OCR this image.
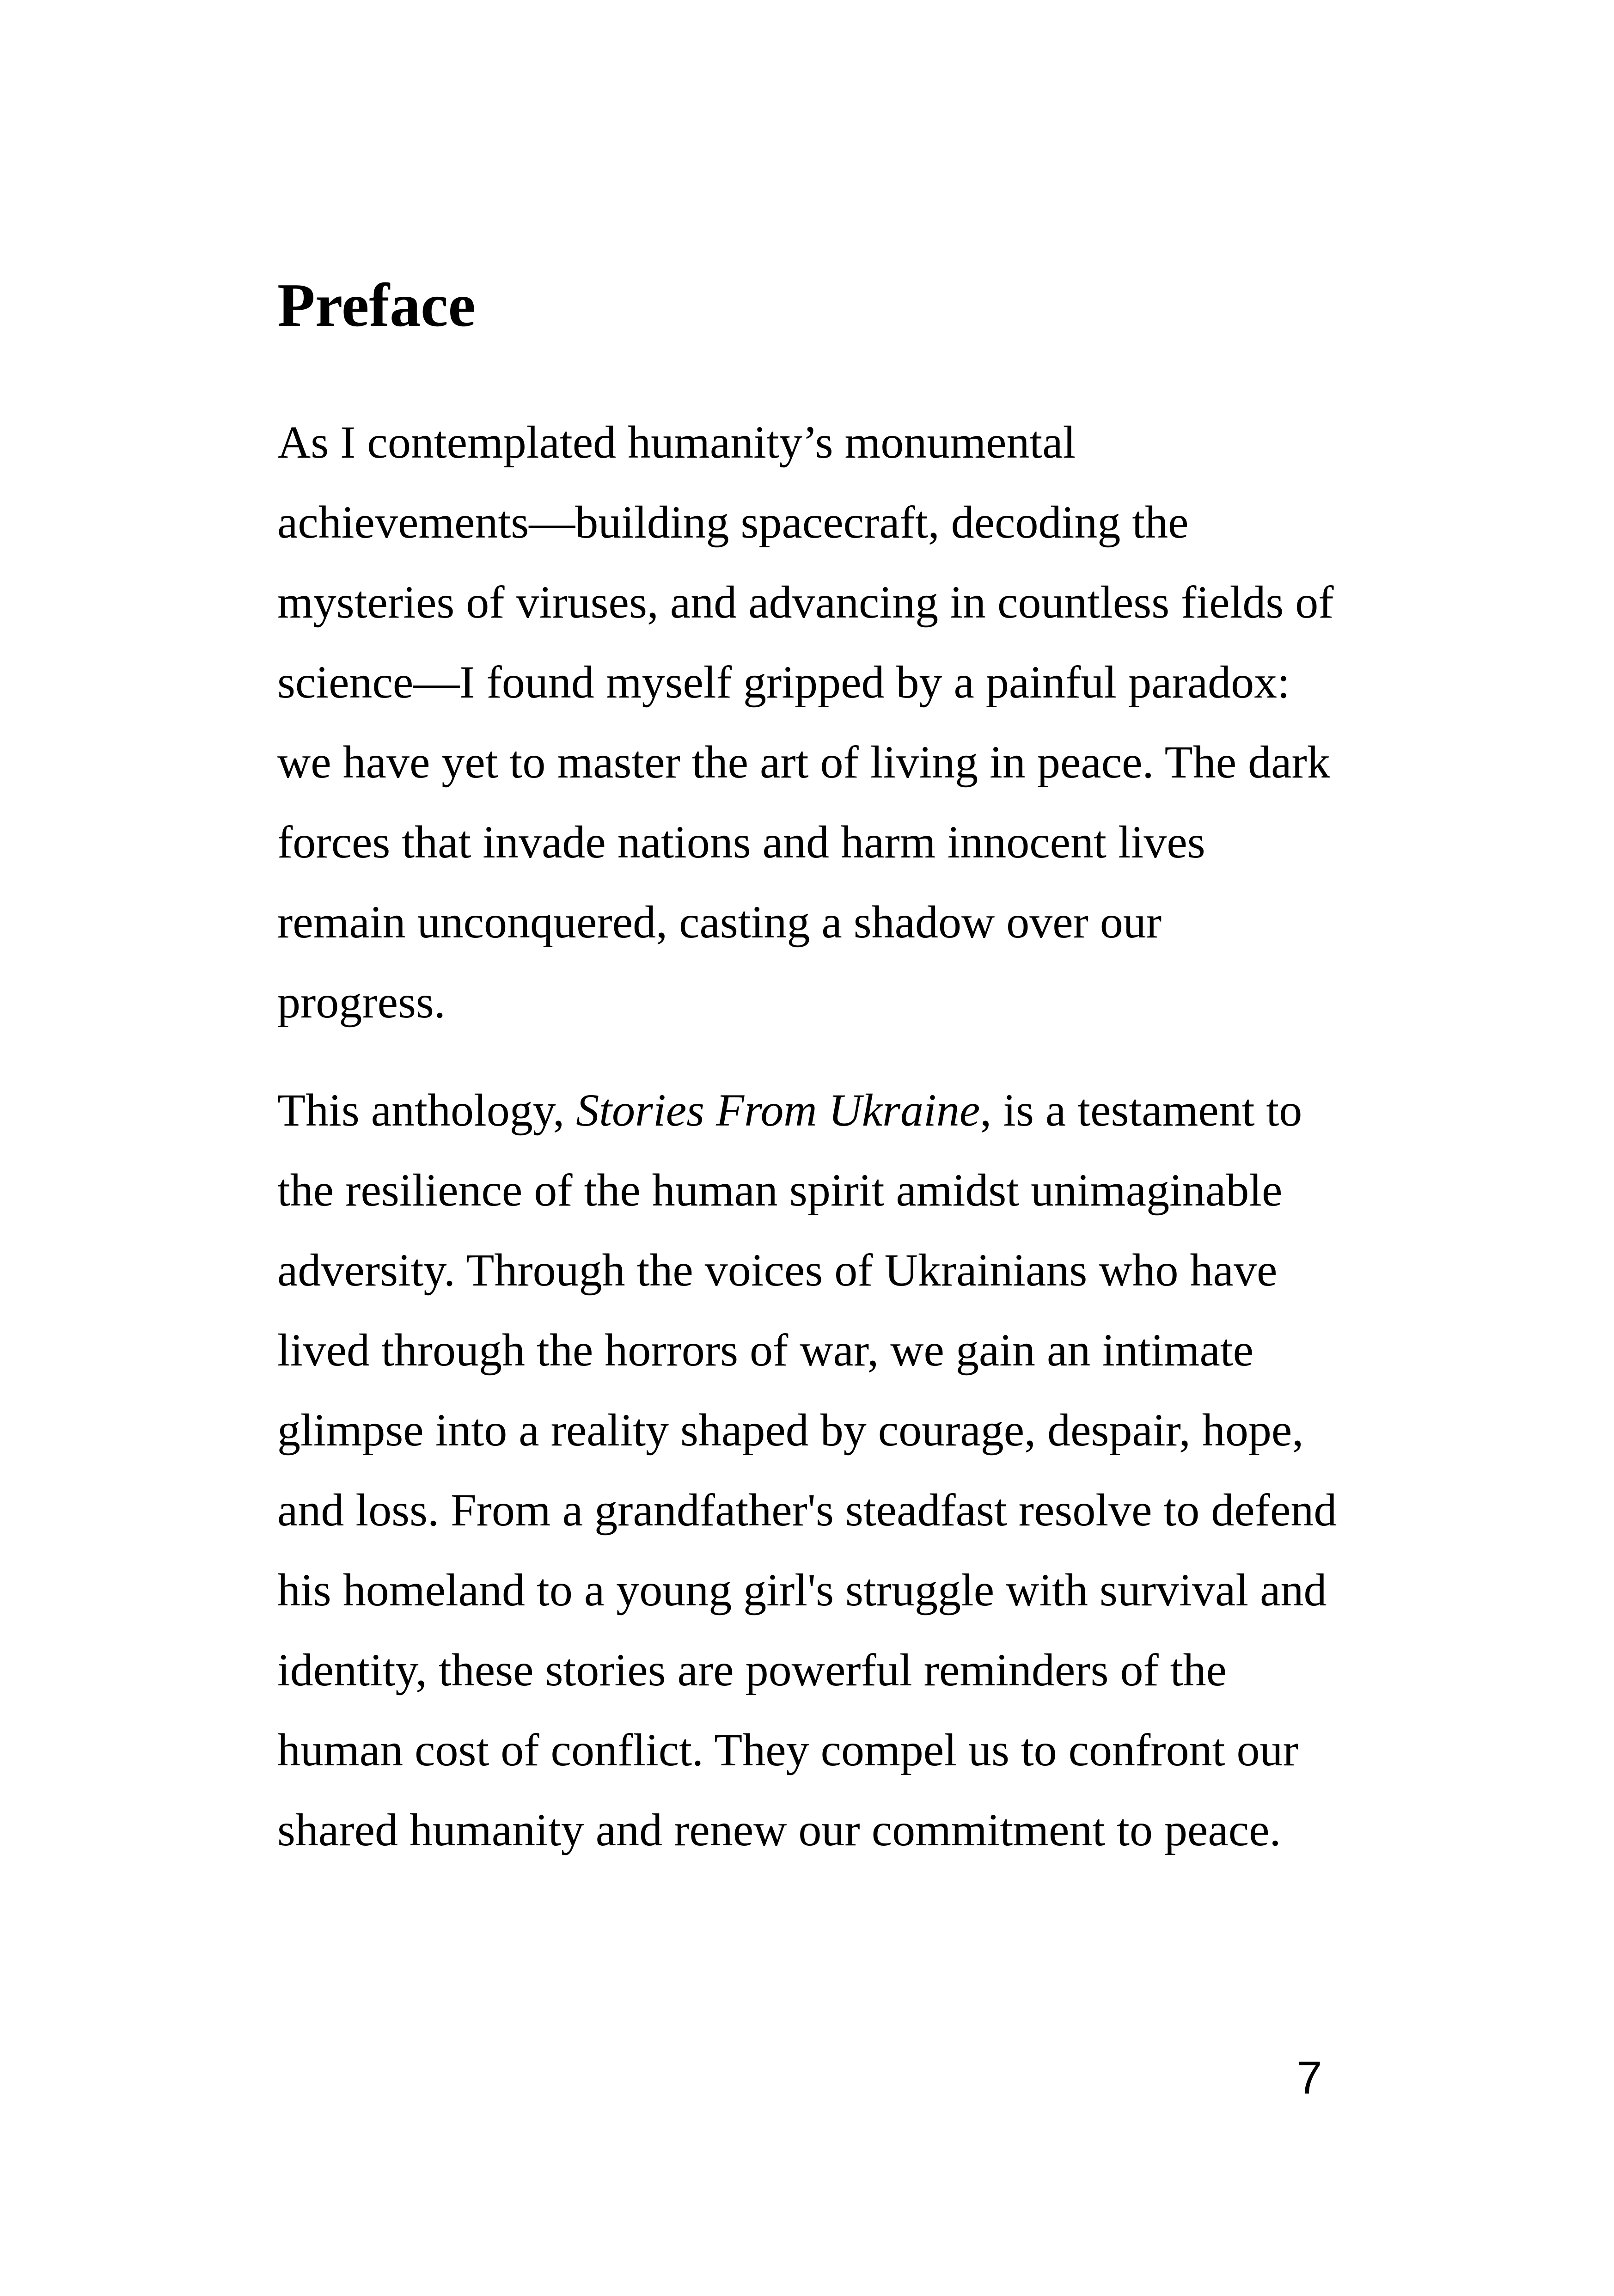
Preface

As I contemplated humanity’s monumental
achievements—building spacecraft, decoding the
mysteries of viruses, and advancing in countless fields of
science—I found myself gripped by a painful paradox:
we have yet to master the art of living in peace. The dark
forces that invade nations and harm innocent lives
remain unconquered, casting a shadow over our
progress.

This anthology, Stories From Ukraine, is a testament to
the resilience of the human spirit amidst unimaginable
adversity. Through the voices of Ukrainians who have
lived through the horrors of war, we gain an intimate
glimpse into a reality shaped by courage, despair, hope,
and loss. From a grandfather's steadfast resolve to defend
his homeland to a young girl's struggle with survival and
identity, these stories are powerful reminders of the
human cost of conflict. They compel us to confront our
shared humanity and renew our commitment to peace.

7
